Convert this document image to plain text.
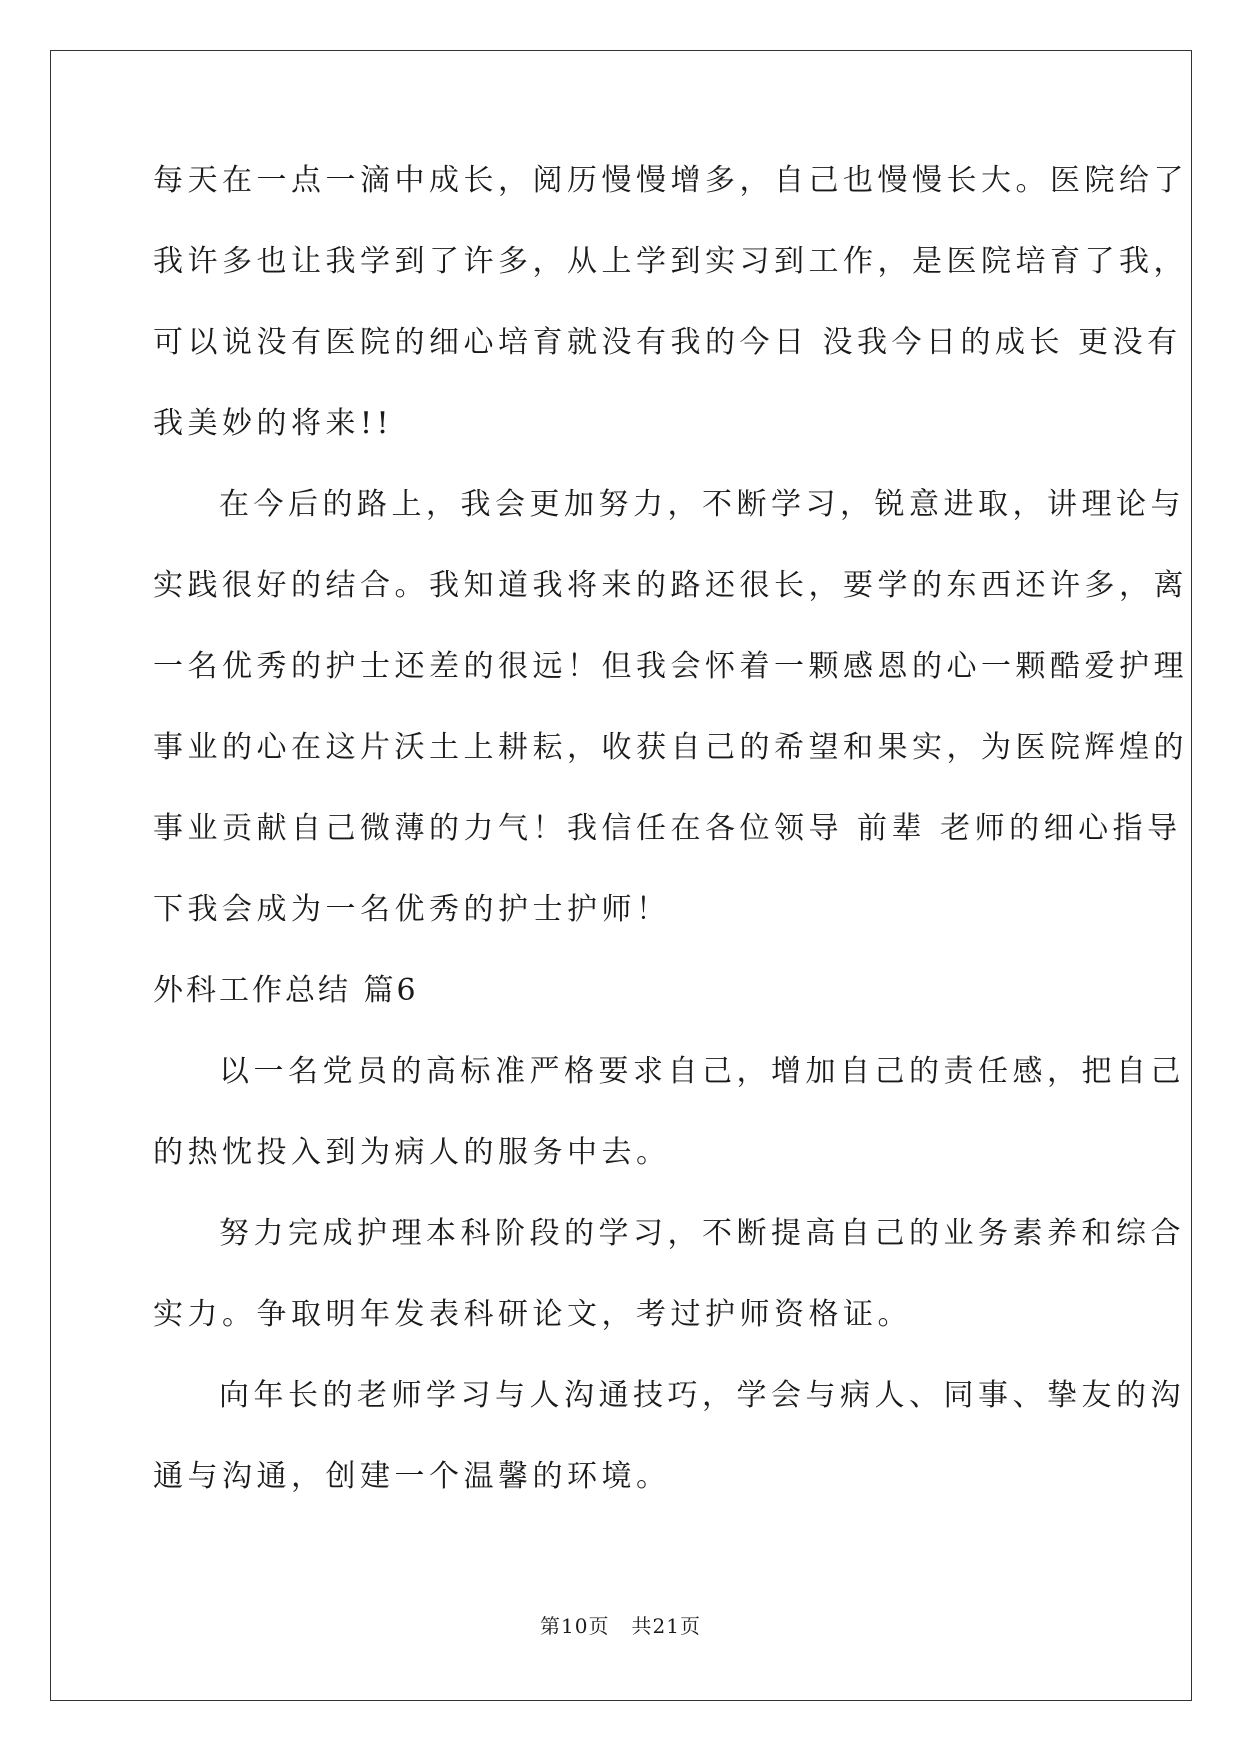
每天在一点一滴中成长，阅历慢慢增多，自己也慢慢长大。医院给了
我许多也让我学到了许多，从上学到实习到工作，是医院培育了我，
可以说没有医院的细心培育就没有我的今日 没我今日的成长 更没有
我美妙的将来!!
在今后的路上，我会更加努力，不断学习，锐意进取，讲理论与
实践很好的结合。我知道我将来的路还很长，要学的东西还许多，离
一名优秀的护士还差的很远！但我会怀着一颗感恩的心一颗酷爱护理
事业的心在这片沃土上耕耘，收获自己的希望和果实，为医院辉煌的
事业贡献自己微薄的力气！我信任在各位领导 前辈 老师的细心指导
下我会成为一名优秀的护士护师！
外科工作总结 篇6
以一名党员的高标准严格要求自己，增加自己的责任感，把自己
的热忱投入到为病人的服务中去。
努力完成护理本科阶段的学习，不断提高自己的业务素养和综合
实力。争取明年发表科研论文，考过护师资格证。
向年长的老师学习与人沟通技巧，学会与病人、同事、挚友的沟
通与沟通，创建一个温馨的环境。
第10页 共21页
